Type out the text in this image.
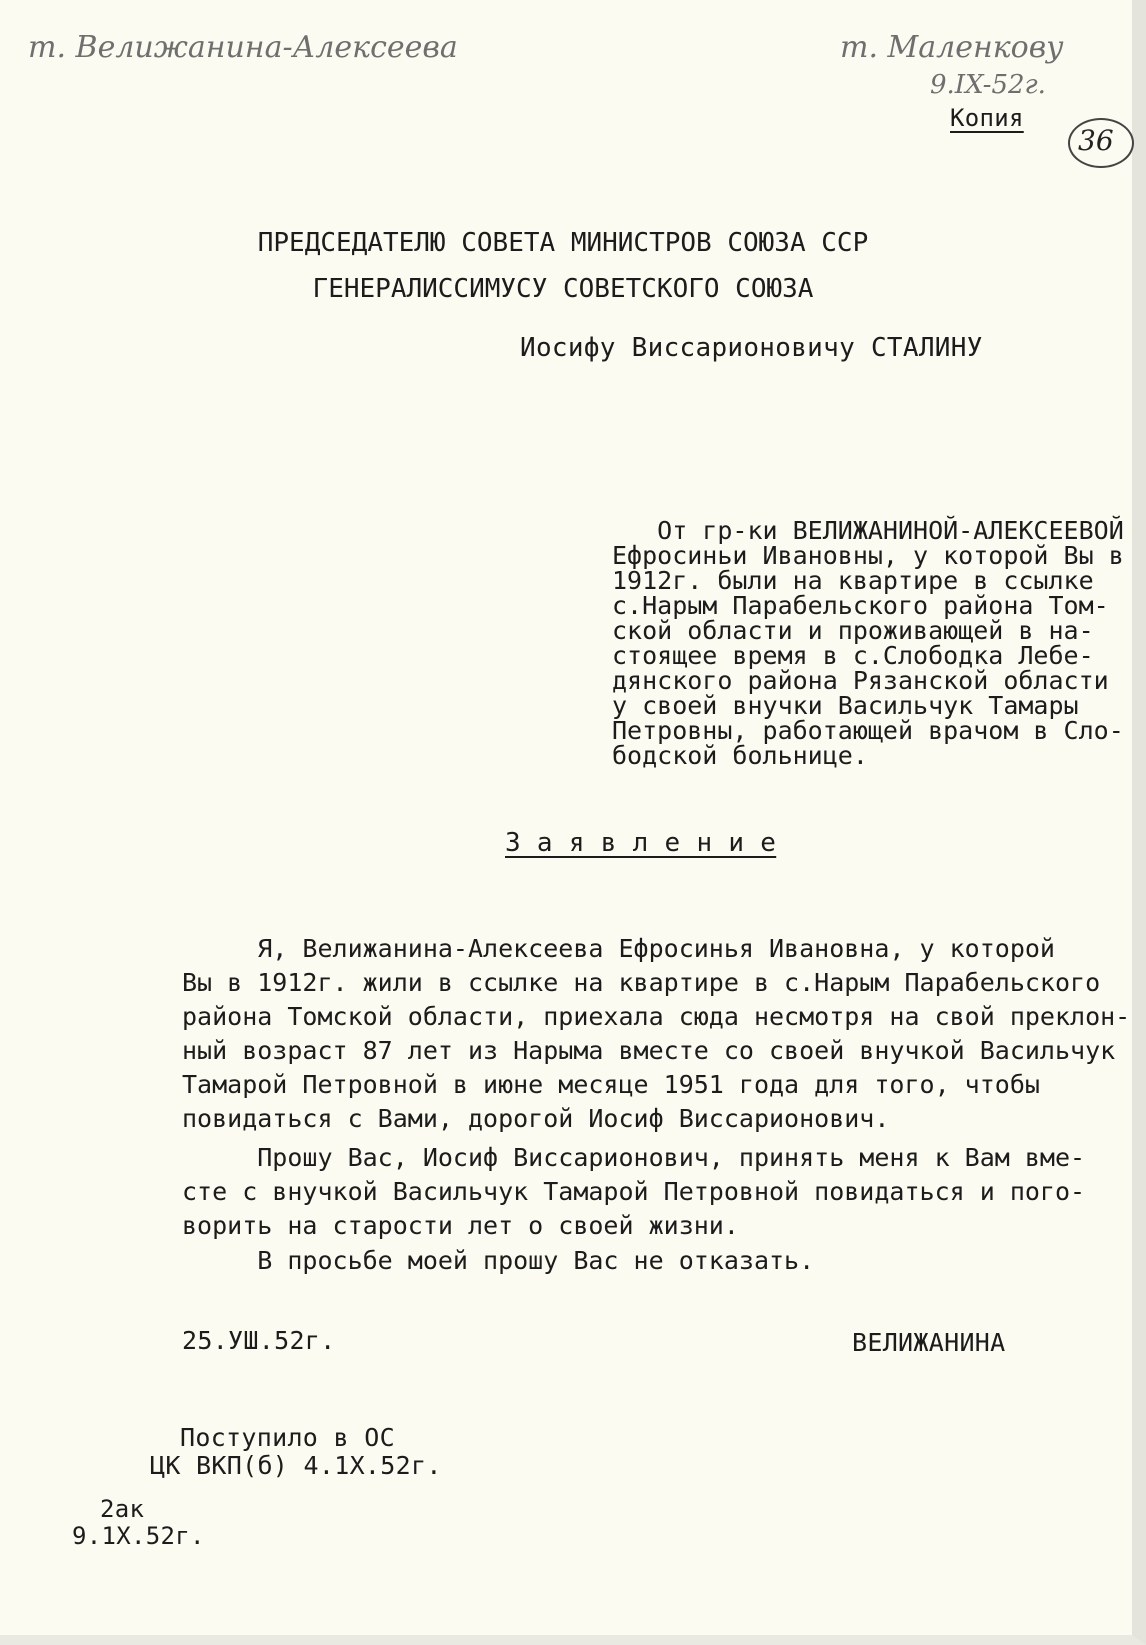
т. Велижанина-Алексеева	т. Маленкову
9.IX-52г.
36
Копия
ПРЕДСЕДАТЕЛЮ СОВЕТА МИНИСТРОВ СОЮЗА ССР
ГЕНЕРАЛИССИМУСУ СОВЕТСКОГО СОЮЗА
Иосифу Виссарионовичу СТАЛИНУ
От гр-ки ВЕЛИЖАНИНОЙ-АЛЕКСЕЕВОЙ
Ефросиньи Ивановны, у которой Вы в
1912г. были на квартире в ссылке
с.Нарым Парабельского района Том-
ской области и проживающей в на-
стоящее время в с.Слободка Лебе-
дянского района Рязанской области
у своей внучки Васильчук Тамары
Петровны, работающей врачом в Сло-
бодской больнице.
З а я в л е н и е
Я, Велижанина-Алексеева Ефросинья Ивановна, у которой
Вы в 1912г. жили в ссылке на квартире в с.Нарым Парабельского
района Томской области, приехала сюда несмотря на свой преклон-
ный возраст 87 лет из Нарыма вместе со своей внучкой Васильчук
Тамарой Петровной в июне месяце 1951 года для того, чтобы
повидаться с Вами, дорогой Иосиф Виссарионович.
Прошу Вас, Иосиф Виссарионович, принять меня к Вам вме-
сте с внучкой Васильчук Тамарой Петровной повидаться и пого-
ворить на старости лет о своей жизни.
В просьбе моей прошу Вас не отказать.
25.УШ.52г.	ВЕЛИЖАНИНА
Поступило в ОС
ЦК ВКП(б) 4.1Х.52г.
2ак
9.1Х.52г.
